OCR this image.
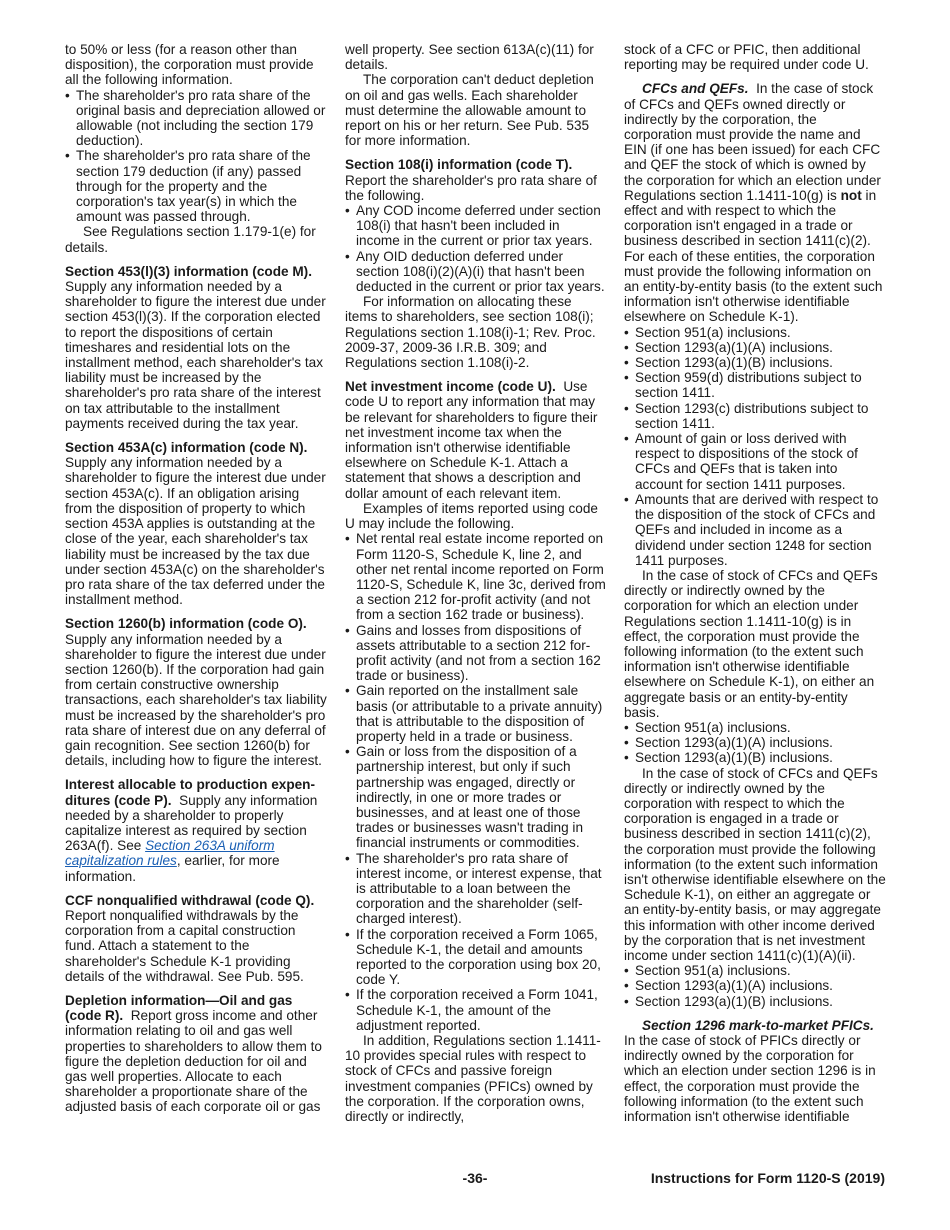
to 50% or less (for a reason other than disposition), the corporation must provide all the following information.

• The shareholder's pro rata share of the original basis and depreciation allowed or allowable (not including the section 179 deduction).

• The shareholder's pro rata share of the section 179 deduction (if any) passed through for the property and the corporation's tax year(s) in which the amount was passed through.

See Regulations section 1.179-1(e) for details.

Section 453(l)(3) information (code M). Supply any information needed by a shareholder to figure the interest due under section 453(l)(3). If the corporation elected to report the dispositions of certain timeshares and residential lots on the installment method, each shareholder's tax liability must be increased by the shareholder's pro rata share of the interest on tax attributable to the installment payments received during the tax year.

Section 453A(c) information (code N). Supply any information needed by a shareholder to figure the interest due under section 453A(c). If an obligation arising from the disposition of property to which section 453A applies is outstanding at the close of the year, each shareholder's tax liability must be increased by the tax due under section 453A(c) on the shareholder's pro rata share of the tax deferred under the installment method.

Section 1260(b) information (code O). Supply any information needed by a shareholder to figure the interest due under section 1260(b). If the corporation had gain from certain constructive ownership transactions, each shareholder's tax liability must be increased by the shareholder's pro rata share of interest due on any deferral of gain recognition. See section 1260(b) for details, including how to figure the interest.

Interest allocable to production expen-ditures (code P). Supply any information needed by a shareholder to properly capitalize interest as required by section 263A(f). See Section 263A uniform capitalization rules, earlier, for more information.

CCF nonqualified withdrawal (code Q). Report nonqualified withdrawals by the corporation from a capital construction fund. Attach a statement to the shareholder's Schedule K-1 providing details of the withdrawal. See Pub. 595.

Depletion information—Oil and gas (code R). Report gross income and other information relating to oil and gas well properties to shareholders to allow them to figure the depletion deduction for oil and gas well properties. Allocate to each shareholder a proportionate share of the adjusted basis of each corporate oil or gas

well property. See section 613A(c)(11) for details.

The corporation can't deduct depletion on oil and gas wells. Each shareholder must determine the allowable amount to report on his or her return. See Pub. 535 for more information.

Section 108(i) information (code T). Report the shareholder's pro rata share of the following.

• Any COD income deferred under section 108(i) that hasn't been included in income in the current or prior tax years.

• Any OID deduction deferred under section 108(i)(2)(A)(i) that hasn't been deducted in the current or prior tax years.

For information on allocating these items to shareholders, see section 108(i); Regulations section 1.108(i)-1; Rev. Proc. 2009-37, 2009-36 I.R.B. 309; and Regulations section 1.108(i)-2.

Net investment income (code U). Use code U to report any information that may be relevant for shareholders to figure their net investment income tax when the information isn't otherwise identifiable elsewhere on Schedule K-1. Attach a statement that shows a description and dollar amount of each relevant item.

Examples of items reported using code U may include the following.

• Net rental real estate income reported on Form 1120-S, Schedule K, line 2, and other net rental income reported on Form 1120-S, Schedule K, line 3c, derived from a section 212 for-profit activity (and not from a section 162 trade or business).

• Gains and losses from dispositions of assets attributable to a section 212 for-profit activity (and not from a section 162 trade or business).

• Gain reported on the installment sale basis (or attributable to a private annuity) that is attributable to the disposition of property held in a trade or business.

• Gain or loss from the disposition of a partnership interest, but only if such partnership was engaged, directly or indirectly, in one or more trades or businesses, and at least one of those trades or businesses wasn't trading in financial instruments or commodities.

• The shareholder's pro rata share of interest income, or interest expense, that is attributable to a loan between the corporation and the shareholder (self-charged interest).

• If the corporation received a Form 1065, Schedule K-1, the detail and amounts reported to the corporation using box 20, code Y.

• If the corporation received a Form 1041, Schedule K-1, the amount of the adjustment reported.

In addition, Regulations section 1.1411-10 provides special rules with respect to stock of CFCs and passive foreign investment companies (PFICs) owned by the corporation. If the corporation owns, directly or indirectly,

stock of a CFC or PFIC, then additional reporting may be required under code U.

CFCs and QEFs. In the case of stock of CFCs and QEFs owned directly or indirectly by the corporation, the corporation must provide the name and EIN (if one has been issued) for each CFC and QEF the stock of which is owned by the corporation for which an election under Regulations section 1.1411-10(g) is not in effect and with respect to which the corporation isn't engaged in a trade or business described in section 1411(c)(2). For each of these entities, the corporation must provide the following information on an entity-by-entity basis (to the extent such information isn't otherwise identifiable elsewhere on Schedule K-1).

• Section 951(a) inclusions.

• Section 1293(a)(1)(A) inclusions.

• Section 1293(a)(1)(B) inclusions.

• Section 959(d) distributions subject to section 1411.

• Section 1293(c) distributions subject to section 1411.

• Amount of gain or loss derived with respect to dispositions of the stock of CFCs and QEFs that is taken into account for section 1411 purposes.

• Amounts that are derived with respect to the disposition of the stock of CFCs and QEFs and included in income as a dividend under section 1248 for section 1411 purposes.

In the case of stock of CFCs and QEFs directly or indirectly owned by the corporation for which an election under Regulations section 1.1411-10(g) is in effect, the corporation must provide the following information (to the extent such information isn't otherwise identifiable elsewhere on Schedule K-1), on either an aggregate basis or an entity-by-entity basis.

• Section 951(a) inclusions.

• Section 1293(a)(1)(A) inclusions.

• Section 1293(a)(1)(B) inclusions.

In the case of stock of CFCs and QEFs directly or indirectly owned by the corporation with respect to which the corporation is engaged in a trade or business described in section 1411(c)(2), the corporation must provide the following information (to the extent such information isn't otherwise identifiable elsewhere on the Schedule K-1), on either an aggregate or an entity-by-entity basis, or may aggregate this information with other income derived by the corporation that is net investment income under section 1411(c)(1)(A)(ii).

• Section 951(a) inclusions.

• Section 1293(a)(1)(A) inclusions.

• Section 1293(a)(1)(B) inclusions.

Section 1296 mark-to-market PFICs. In the case of stock of PFICs directly or indirectly owned by the corporation for which an election under section 1296 is in effect, the corporation must provide the following information (to the extent such information isn't otherwise identifiable

-36-	Instructions for Form 1120-S (2019)
